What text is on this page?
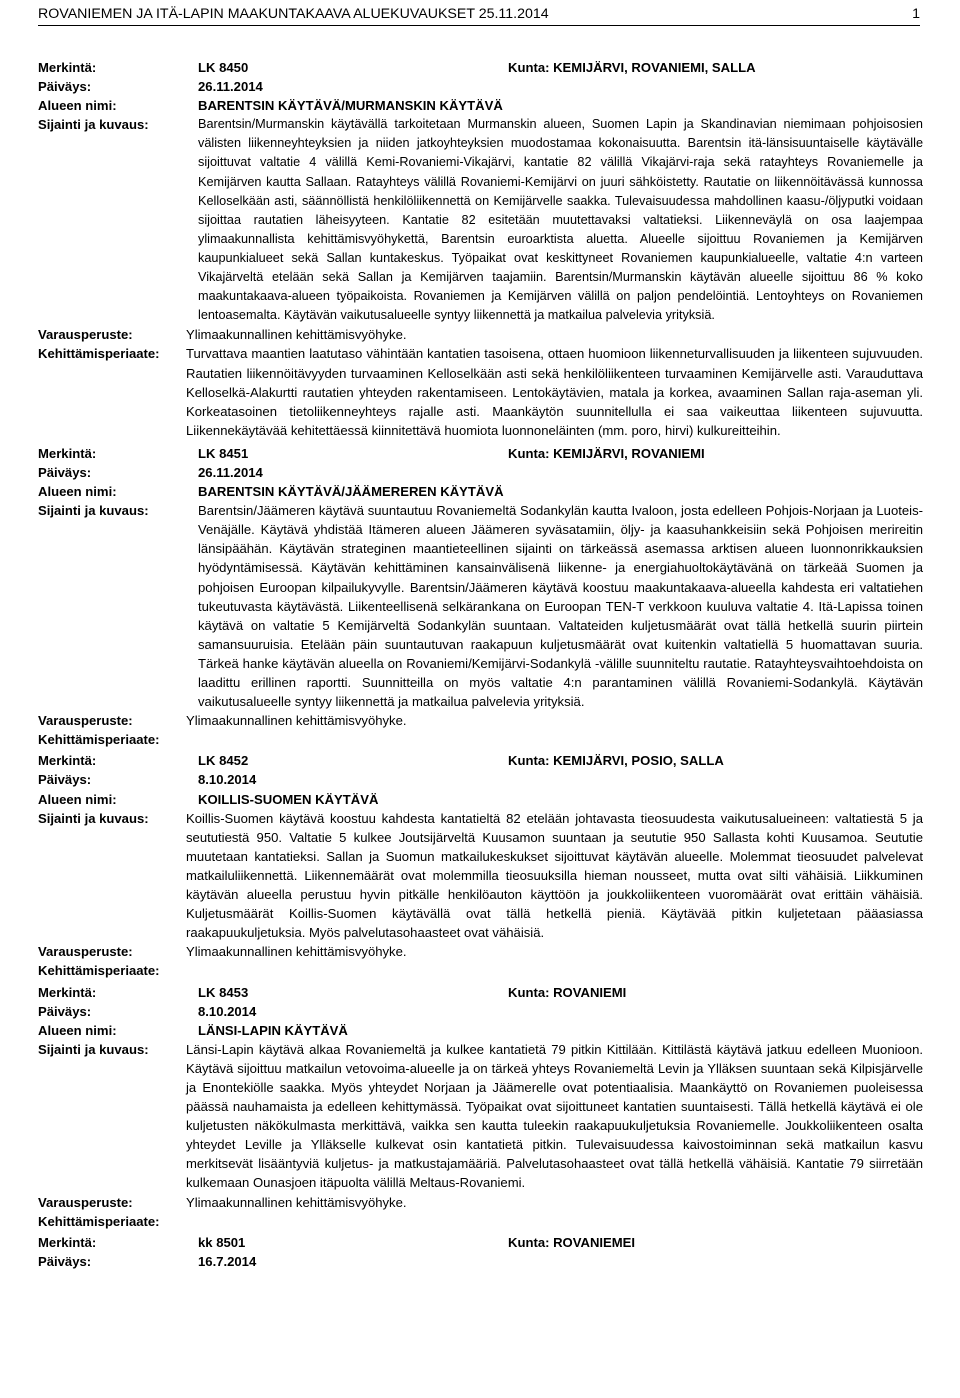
ROVANIEMEN JA ITÄ-LAPIN MAAKUNTAKAAVA ALUEKUVAUKSET 25.11.2014	1
Merkintä:	LK 8450	Kunta: KEMIJÄRVI, ROVANIEMI, SALLA
Päiväys:	26.11.2014
Alueen nimi:	BARENTSIN KÄYTÄVÄ/MURMANSKIN KÄYTÄVÄ
Sijainti ja kuvaus:	Barentsin/Murmanskin käytävällä tarkoitetaan Murmanskin alueen, Suomen Lapin ja Skandinavian niemimaan pohjoisosien välisten liikenneyhteyksien ja niiden jatkoyhteyksien muodostamaa kokonaisuutta. Barentsin itä-länsisuuntaiselle käytävälle sijoittuvat valtatie 4 välillä Kemi-Rovaniemi-Vikajärvi, kantatie 82 välillä Vikajärvi-raja sekä ratayhteys Rovaniemelle ja Kemijärven kautta Sallaan. Ratayhteys välillä Rovaniemi-Kemijärvi on juuri sähköistetty. Rautatie on liikennöitävässä kunnossa Kelloselkään asti, säännöllistä henkilöliikennettä on Kemijärvelle saakka. Tulevaisuudessa mahdollinen kaasu-/öljyputki voidaan sijoittaa rautatien läheisyyteen. Kantatie 82 esitetään muutettavaksi valtatieksi. Liikenneväylä on osa laajempaa ylimaakunnallista kehittämisvyöhykettä, Barentsin euroarktista aluetta. Alueelle sijoittuu Rovaniemen ja Kemijärven kaupunkialueet sekä Sallan kuntakeskus. Työpaikat ovat keskittyneet Rovaniemen kaupunkialueelle, valtatie 4:n varteen Vikajärveltä etelään sekä Sallan ja Kemijärven taajamiin. Barentsin/Murmanskin käytävän alueelle sijoittuu 86 % koko maakuntakaava-alueen työpaikoista. Rovaniemen ja Kemijärven välillä on paljon pendelöintiä. Lentoyhteys on Rovaniemen lentoasemalta. Käytävän vaikutusalueelle syntyy liikennettä ja matkailua palvelevia yrityksiä.
Varausperuste:	Ylimaakunnallinen kehittämisvyöhyke.
Kehittämisperiaate: Turvattava maantien laatutaso vähintään kantatien tasoisena, ottaen huomioon liikenneturvallisuuden ja liikenteen sujuvuuden. Rautatien liikennöitävyyden turvaaminen Kelloselkään asti sekä henkilöliikenteen turvaaminen Kemijärvelle asti. Varauduttava Kelloselkä-Alakurtti rautatien yhteyden rakentamiseen. Lentokäytävien, matala ja korkea, avaaminen Sallan raja-aseman yli. Korkeatasoinen tietoliikenneyhteys rajalle asti. Maankäytön suunnitellulla ei saa vaikeuttaa liikenteen sujuvuutta. Liikennekäytävää kehitettäessä kiinnitettävä huomiota luonnoneläinten (mm. poro, hirvi) kulkureitteihin.
Merkintä:	LK 8451	Kunta: KEMIJÄRVI, ROVANIEMI
Päiväys:	26.11.2014
Alueen nimi:	BARENTSIN KÄYTÄVÄ/JÄÄMEREREN KÄYTÄVÄ
Sijainti ja kuvaus:	Barentsin/Jäämeren käytävä suuntautuu Rovaniemeltä Sodankylän kautta Ivaloon, josta edelleen Pohjois-Norjaan ja Luoteis-Venäjälle. Käytävä yhdistää Itämeren alueen Jäämeren syväsatamiin, öljy- ja kaasuhankkeisiin sekä Pohjoisen merireitin länsipäähän. Käytävän strateginen maantieteellinen sijainti on tärkeässä asemassa arktisen alueen luonnonrikkauksien hyödyntämisessä. Käytävän kehittäminen kansainvälisenä liikenne- ja energiahuoltokäytävänä on tärkeää Suomen ja pohjoisen Euroopan kilpailukyvylle. Barentsin/Jäämeren käytävä koostuu maakuntakaava-alueella kahdesta eri valtatiehen tukeutuvasta käytävästä. Liikenteellisenä selkärankana on Euroopan TEN-T verkkoon kuuluva valtatie 4. Itä-Lapissa toinen käytävä on valtatie 5 Kemijärveltä Sodankylän suuntaan. Valtateiden kuljetusmäärät ovat tällä hetkellä suurin piirtein samansuuruisia. Etelään päin suuntautuvan raakapuun kuljetusmäärät ovat kuitenkin valtatiellä 5 huomattavan suuria. Tärkeä hanke käytävän alueella on Rovaniemi/Kemijärvi-Sodankylä -välille suunniteltu rautatie. Ratayhteysvaihtoehdoista on laadittu erillinen raportti. Suunnitteilla on myös valtatie 4:n parantaminen välillä Rovaniemi-Sodankylä. Käytävän vaikutusalueelle syntyy liikennettä ja matkailua palvelevia yrityksiä.
Varausperuste:	Ylimaakunnallinen kehittämisvyöhyke.
Kehittämisperiaate:
Merkintä:	LK 8452	Kunta: KEMIJÄRVI, POSIO, SALLA
Päiväys:	8.10.2014
Alueen nimi:	KOILLIS-SUOMEN KÄYTÄVÄ
Sijainti ja kuvaus:	Koillis-Suomen käytävä koostuu kahdesta kantatieltä 82 etelään johtavasta tieosuudesta vaikutusalueineen: valtatiestä 5 ja seututiestä 950. Valtatie 5 kulkee Joutsijärveltä Kuusamon suuntaan ja seututie 950 Sallasta kohti Kuusamoa. Seututie muutetaan kantatieksi. Sallan ja Suomun matkailukeskukset sijoittuvat käytävän alueelle. Molemmat tieosuudet palvelevat matkailuliikennettä. Liikennemäärät ovat molemmilla tieosuuksilla hieman nousseet, mutta ovat silti vähäisiä. Liikkuminen käytävän alueella perustuu hyvin pitkälle henkilöauton käyttöön ja joukkoliikenteen vuoromäärät ovat erittäin vähäisiä. Kuljetusmäärät Koillis-Suomen käytävällä ovat tällä hetkellä pieniä. Käytävää pitkin kuljetetaan pääasiassa raakapuukuljetuksia. Myös palvelutasohaasteet ovat vähäisiä.
Varausperuste:	Ylimaakunnallinen kehittämisvyöhyke.
Kehittämisperiaate:
Merkintä:	LK 8453	Kunta: ROVANIEMI
Päiväys:	8.10.2014
Alueen nimi:	LÄNSI-LAPIN KÄYTÄVÄ
Sijainti ja kuvaus:	Länsi-Lapin käytävä alkaa Rovaniemeltä ja kulkee kantatietä 79 pitkin Kittilään. Kittilästä käytävä jatkuu edelleen Muonioon. Käytävä sijoittuu matkailun vetovoima-alueelle ja on tärkeä yhteys Rovaniemeltä Levin ja Ylläksen suuntaan sekä Kilpisjärvelle ja Enontekiölle saakka. Myös yhteydet Norjaan ja Jäämerelle ovat potentiaalisia. Maankäyttö on Rovaniemen puoleisessa päässä nauhamaista ja edelleen kehittymässä. Työpaikat ovat sijoittuneet kantatien suuntaisesti. Tällä hetkellä käytävä ei ole kuljetusten näkökulmasta merkittävä, vaikka sen kautta tuleekin raakapuukuljetuksia Rovaniemelle. Joukkoliikenteen osalta yhteydet Leville ja Ylläkselle kulkevat osin kantatietä pitkin. Tulevaisuudessa kaivostoiminnan sekä matkailun kasvu merkitsevät lisääntyviä kuljetus- ja matkustajamääriä. Palvelutasohaasteet ovat tällä hetkellä vähäisiä. Kantatie 79 siirretään kulkemaan Ounasjoen itäpuolta välillä Meltaus-Rovaniemi.
Varausperuste:	Ylimaakunnallinen kehittämisvyöhyke.
Kehittämisperiaate:
Merkintä:	kk 8501	Kunta: ROVANIEMEI
Päiväys:	16.7.2014
